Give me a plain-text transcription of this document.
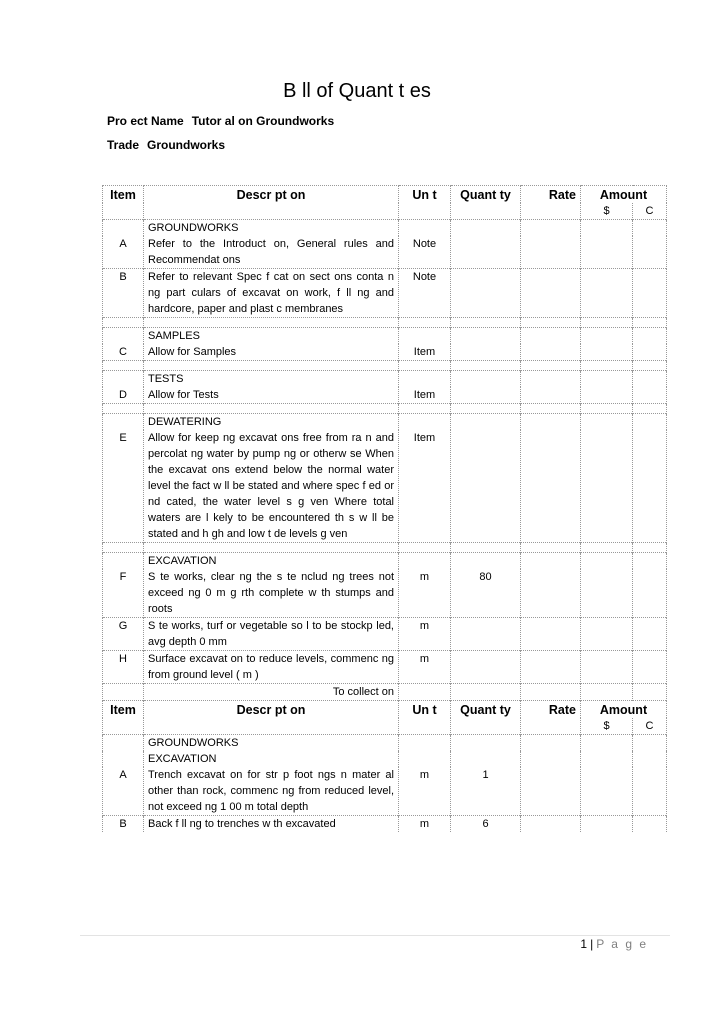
B ll of Quant t es
Pro ect Name Tutor al on Groundworks
Trade Groundworks
Item	Descr pt on	Un t	Quant ty	Rate	Amount	
					$	C
	GROUNDWORKS					
A	Refer to the Introduct on, General rules and Recommendat ons	Note				
B	Refer to relevant Spec f cat on sect ons conta n ng part culars of excavat on work, f ll ng and hardcore, paper and plast c membranes	Note				

	SAMPLES					
C	Allow for Samples	Item				

	TESTS					
D	Allow for Tests	Item				

	DEWATERING					
E	Allow for keep ng excavat ons free from ra n and percolat ng water by pump ng or otherw se When the excavat ons extend below the normal water level the fact w ll be stated and where spec f ed or nd cated, the water level s g ven Where total waters are l kely to be encountered th s w ll be stated and h gh and low t de levels g ven	Item				

	EXCAVATION					
F	S te works, clear ng the s te nclud ng trees not exceed ng 0 m g rth complete w th stumps and roots	m	80			
G	S te works, turf or vegetable so l to be stockp led, avg depth 0 mm	m				
H	Surface excavat on to reduce levels, commenc ng from ground level ( m )	m				
	To collect on					
Item	Descr pt on	Un t	Quant ty	Rate	Amount	
					$	C
	GROUNDWORKS					
	EXCAVATION					
A	Trench excavat on for str p foot ngs n mater al other than rock, commenc ng from reduced level, not exceed ng 1 00 m total depth	m	1			
B	Back f ll ng to trenches w th excavated	m	6			
1 | P a g e
